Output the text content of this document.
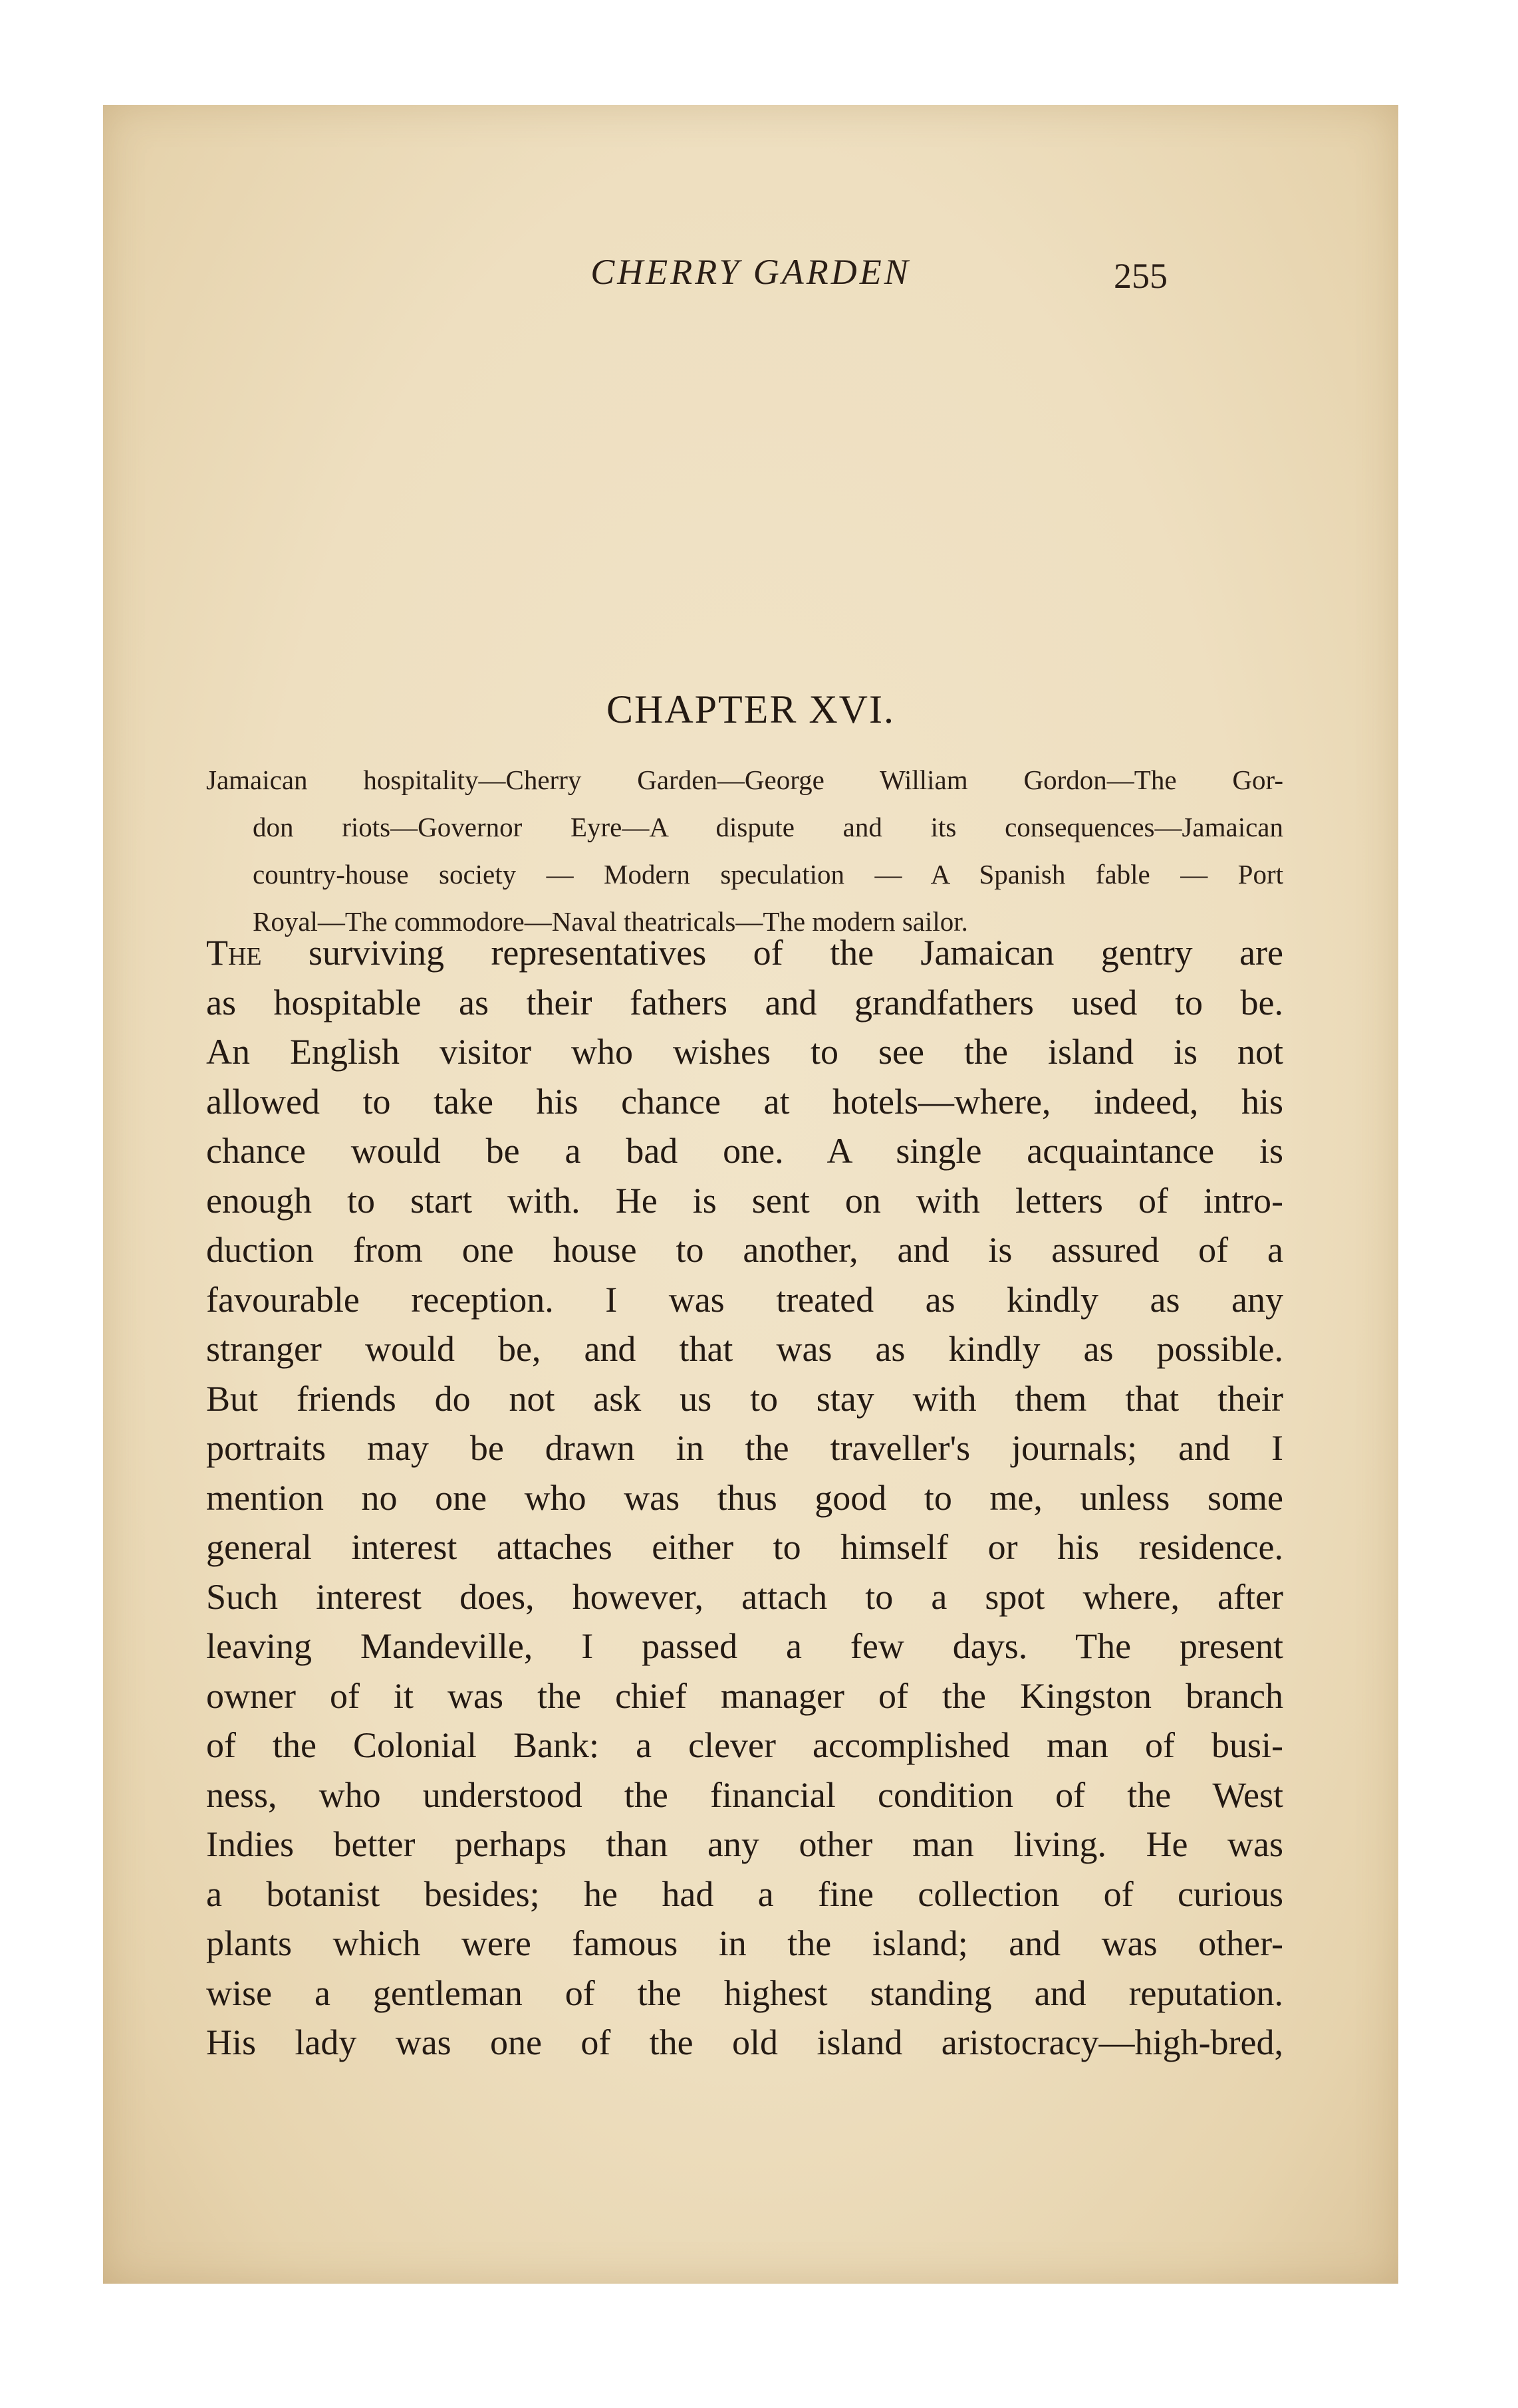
CHERRY GARDEN	255
CHAPTER XVI.
Jamaican hospitality—Cherry Garden—George William Gordon—The Gor-
don riots—Governor Eyre—A dispute and its consequences—Jamaican
country-house society — Modern speculation — A Spanish fable — Port
Royal—The commodore—Naval theatricals—The modern sailor.
The surviving representatives of the Jamaican gentry are
as hospitable as their fathers and grandfathers used to be.
An English visitor who wishes to see the island is not
allowed to take his chance at hotels—where, indeed, his
chance would be a bad one. A single acquaintance is
enough to start with. He is sent on with letters of intro-
duction from one house to another, and is assured of a
favourable reception. I was treated as kindly as any
stranger would be, and that was as kindly as possible.
But friends do not ask us to stay with them that their
portraits may be drawn in the traveller's journals; and I
mention no one who was thus good to me, unless some
general interest attaches either to himself or his residence.
Such interest does, however, attach to a spot where, after
leaving Mandeville, I passed a few days. The present
owner of it was the chief manager of the Kingston branch
of the Colonial Bank: a clever accomplished man of busi-
ness, who understood the financial condition of the West
Indies better perhaps than any other man living. He was
a botanist besides; he had a fine collection of curious
plants which were famous in the island; and was other-
wise a gentleman of the highest standing and reputation.
His lady was one of the old island aristocracy—high-bred,
